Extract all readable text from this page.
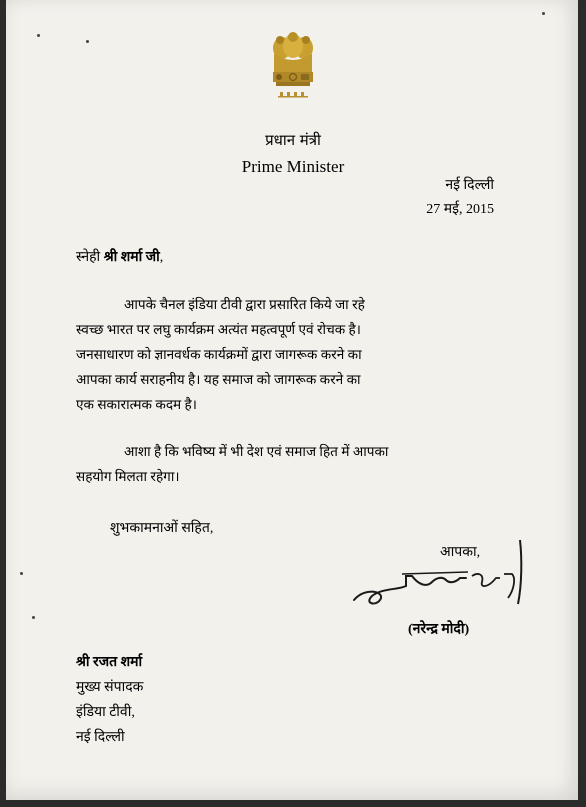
प्रधान मंत्री
Prime Minister
नई दिल्ली
27 मई, 2015
स्नेही श्री शर्मा जी,
आपके चैनल इंडिया टीवी द्वारा प्रसारित किये जा रहे
स्वच्छ भारत पर लघु कार्यक्रम अत्यंत महत्वपूर्ण एवं रोचक है।
जनसाधारण को ज्ञानवर्धक कार्यक्रमों द्वारा जागरूक करने का
आपका कार्य सराहनीय है। यह समाज को जागरूक करने का
एक सकारात्मक कदम है।
आशा है कि भविष्य में भी देश एवं समाज हित में आपका
सहयोग मिलता रहेगा।
शुभकामनाओं सहित,
आपका,
(नरेन्द्र मोदी)
श्री रजत शर्मा
मुख्य संपादक
इंडिया टीवी,
नई दिल्ली
